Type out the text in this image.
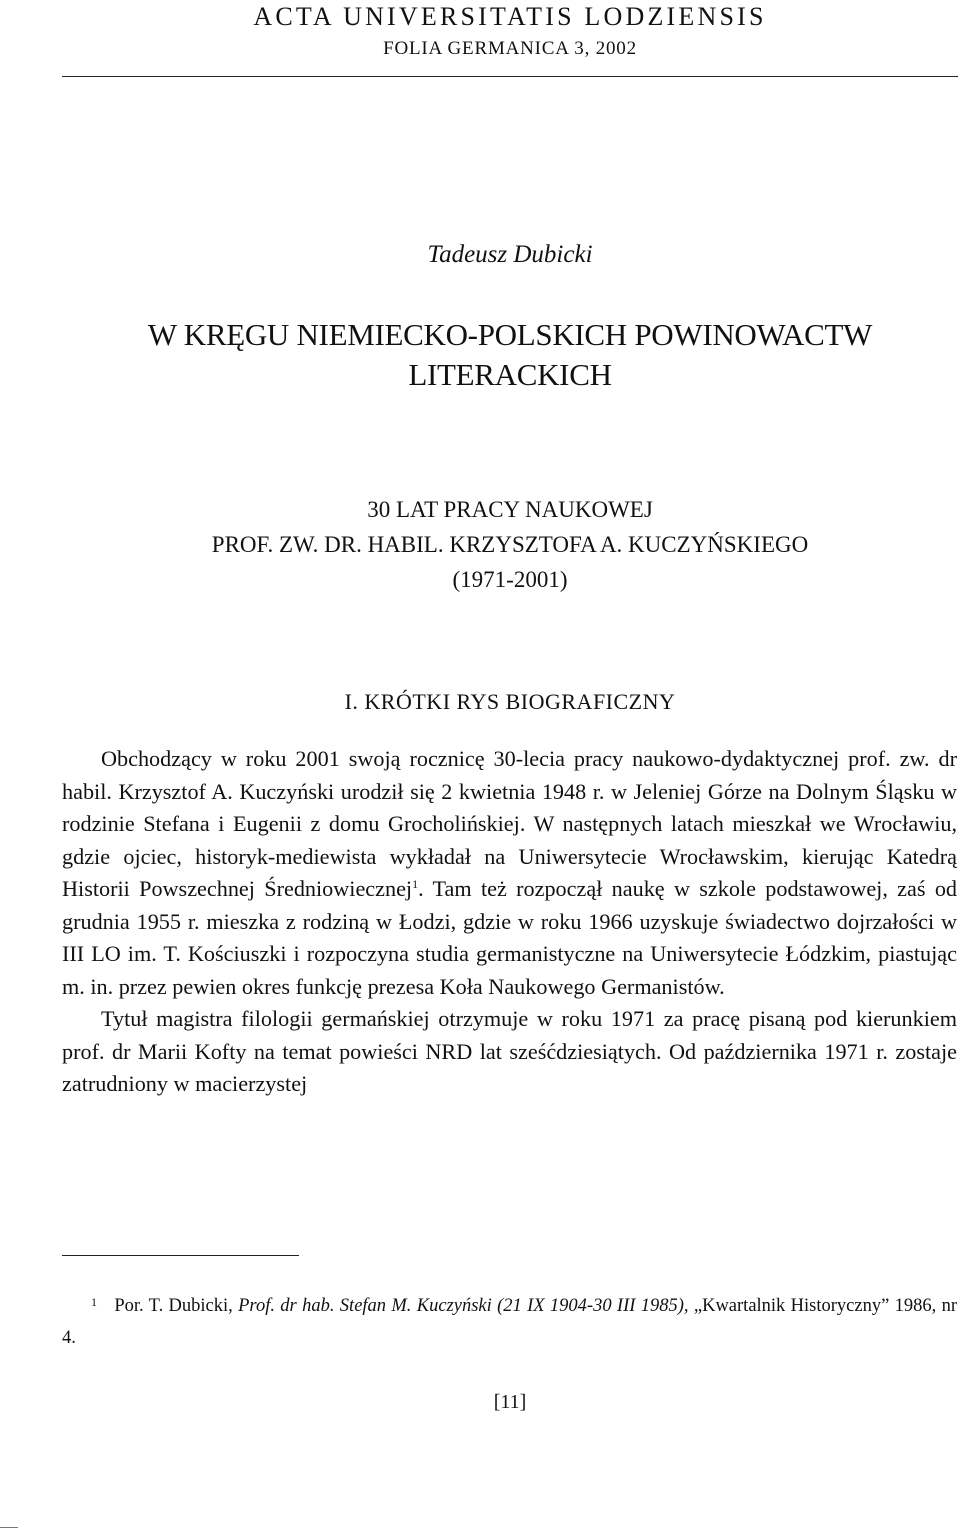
ACTA UNIVERSITATIS LODZIENSIS
FOLIA GERMANICA 3, 2002
Tadeusz Dubicki
W KRĘGU NIEMIECKO-POLSKICH POWINOWACTW
LITERACKICH
30 LAT PRACY NAUKOWEJ
PROF. ZW. DR. HABIL. KRZYSZTOFA A. KUCZYŃSKIEGO
(1971-2001)
I. KRÓTKI RYS BIOGRAFICZNY

Obchodzący w roku 2001 swoją rocznicę 30-lecia pracy naukowo-dydaktycznej prof. zw. dr habil. Krzysztof A. Kuczyński urodził się 2 kwietnia 1948 r. w Jeleniej Górze na Dolnym Śląsku w rodzinie Stefana i Eugenii z domu Grocholińskiej. W następnych latach mieszkał we Wrocławiu, gdzie ojciec, historyk-mediewista wykładał na Uniwersytecie Wrocławskim, kierując Katedrą Historii Powszechnej Średniowiecznej$^1$. Tam też rozpoczął naukę w szkole podstawowej, zaś od grudnia 1955 r. mieszka z rodziną w Łodzi, gdzie w roku 1966 uzyskuje świadectwo dojrzałości w III LO im. T. Kościuszki i rozpoczyna studia germanistyczne na Uniwersytecie Łódzkim, piastując m. in. przez pewien okres funkcję prezesa Koła Naukowego Germanistów.

Tytuł magistra filologii germańskiej otrzymuje w roku 1971 za pracę pisaną pod kierunkiem prof. dr Marii Kofty na temat powieści NRD lat sześćdziesiątych. Od października 1971 r. zostaje zatrudniony w macierzystej

1 Por. T. Dubicki, Prof. dr hab. Stefan M. Kuczyński (21 IX 1904-30 III 1985), „Kwartalnik Historyczny” 1986, nr 4.
[11]
